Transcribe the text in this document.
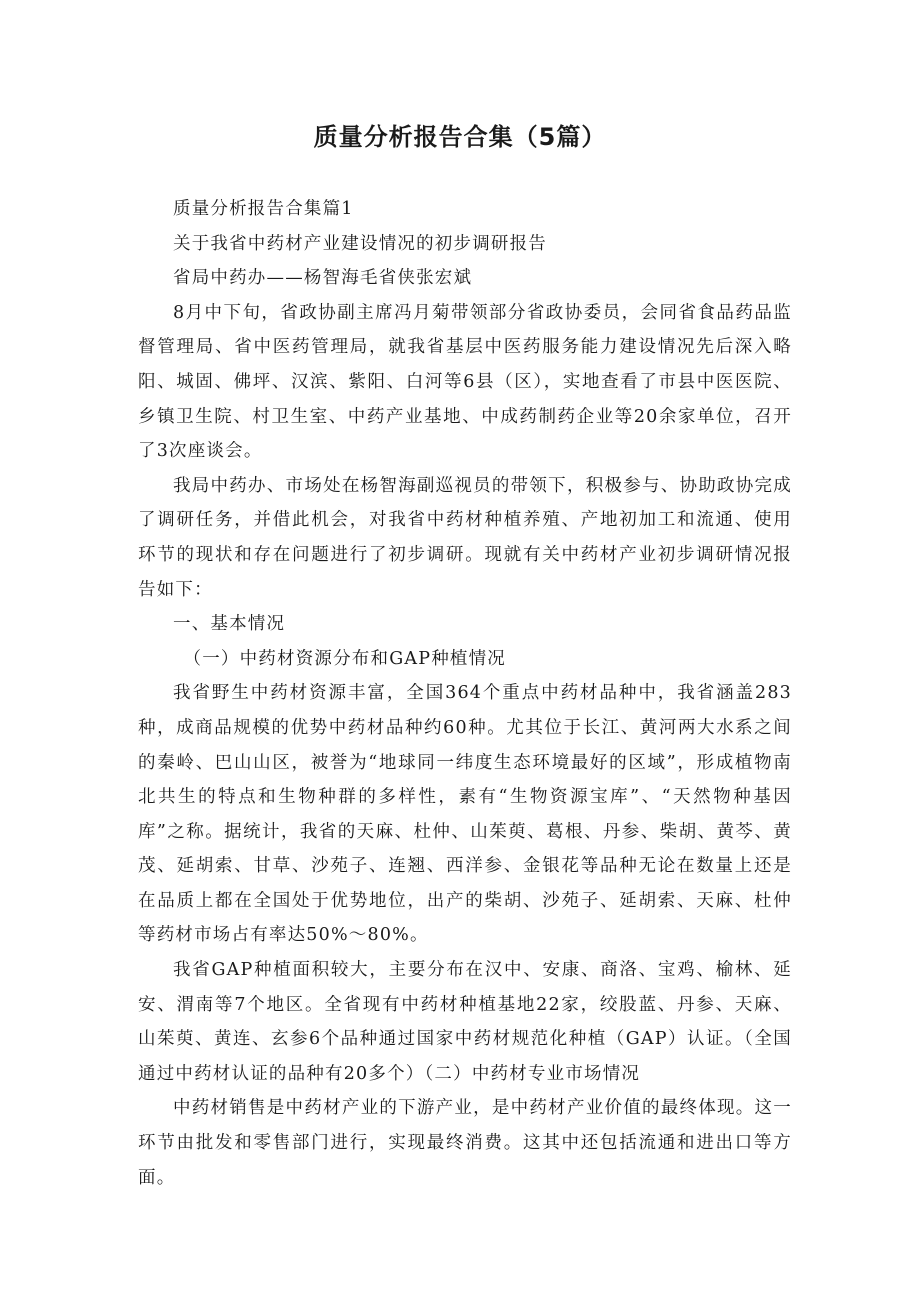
质量分析报告合集（5篇）

质量分析报告合集篇1

关于我省中药材产业建设情况的初步调研报告

省局中药办——杨智海毛省侠张宏斌

8月中下旬，省政协副主席冯月菊带领部分省政协委员，会同省食品药品监督管理局、省中医药管理局，就我省基层中医药服务能力建设情况先后深入略阳、城固、佛坪、汉滨、紫阳、白河等6县（区），实地查看了市县中医医院、乡镇卫生院、村卫生室、中药产业基地、中成药制药企业等20余家单位，召开了3次座谈会。

我局中药办、市场处在杨智海副巡视员的带领下，积极参与、协助政协完成了调研任务，并借此机会，对我省中药材种植养殖、产地初加工和流通、使用环节的现状和存在问题进行了初步调研。现就有关中药材产业初步调研情况报告如下：

一、基本情况

（一）中药材资源分布和GAP种植情况

我省野生中药材资源丰富，全国364个重点中药材品种中，我省涵盖283种，成商品规模的优势中药材品种约60种。尤其位于长江、黄河两大水系之间的秦岭、巴山山区，被誉为“地球同一纬度生态环境最好的区域”，形成植物南北共生的特点和生物种群的多样性，素有“生物资源宝库”、“天然物种基因库”之称。据统计，我省的天麻、杜仲、山茱萸、葛根、丹参、柴胡、黄芩、黄茂、延胡索、甘草、沙苑子、连翘、西洋参、金银花等品种无论在数量上还是在品质上都在全国处于优势地位，出产的柴胡、沙苑子、延胡索、天麻、杜仲等药材市场占有率达50%～80%。

我省GAP种植面积较大，主要分布在汉中、安康、商洛、宝鸡、榆林、延安、渭南等7个地区。全省现有中药材种植基地22家，绞股蓝、丹参、天麻、山茱萸、黄连、玄参6个品种通过国家中药材规范化种植（GAP）认证。（全国通过中药材认证的品种有20多个）（二）中药材专业市场情况

中药材销售是中药材产业的下游产业，是中药材产业价值的最终体现。这一环节由批发和零售部门进行，实现最终消费。这其中还包括流通和进出口等方面。
